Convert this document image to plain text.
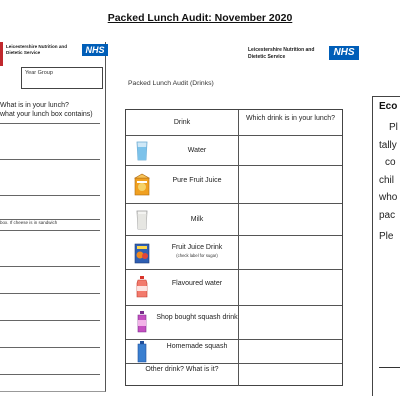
Packed Lunch Audit: November 2020
Leicestershire Nutrition and Dietetic Service	NHS
Year Group
What is in your lunch?
what your lunch box contains)
box. If cheese is in sandwich
Leicestershire Nutrition and Dietetic Service	NHS
Packed Lunch Audit (Drinks)
Drink
Which drink is in your lunch?
Water
Pure Fruit Juice
Milk
Fruit Juice Drink
(check label for sugar)
Flavoured water
Shop bought squash drink
Homemade squash
Other drink? What is it?
Eco
Pl
tally
co
chil
who
pac
Ple
